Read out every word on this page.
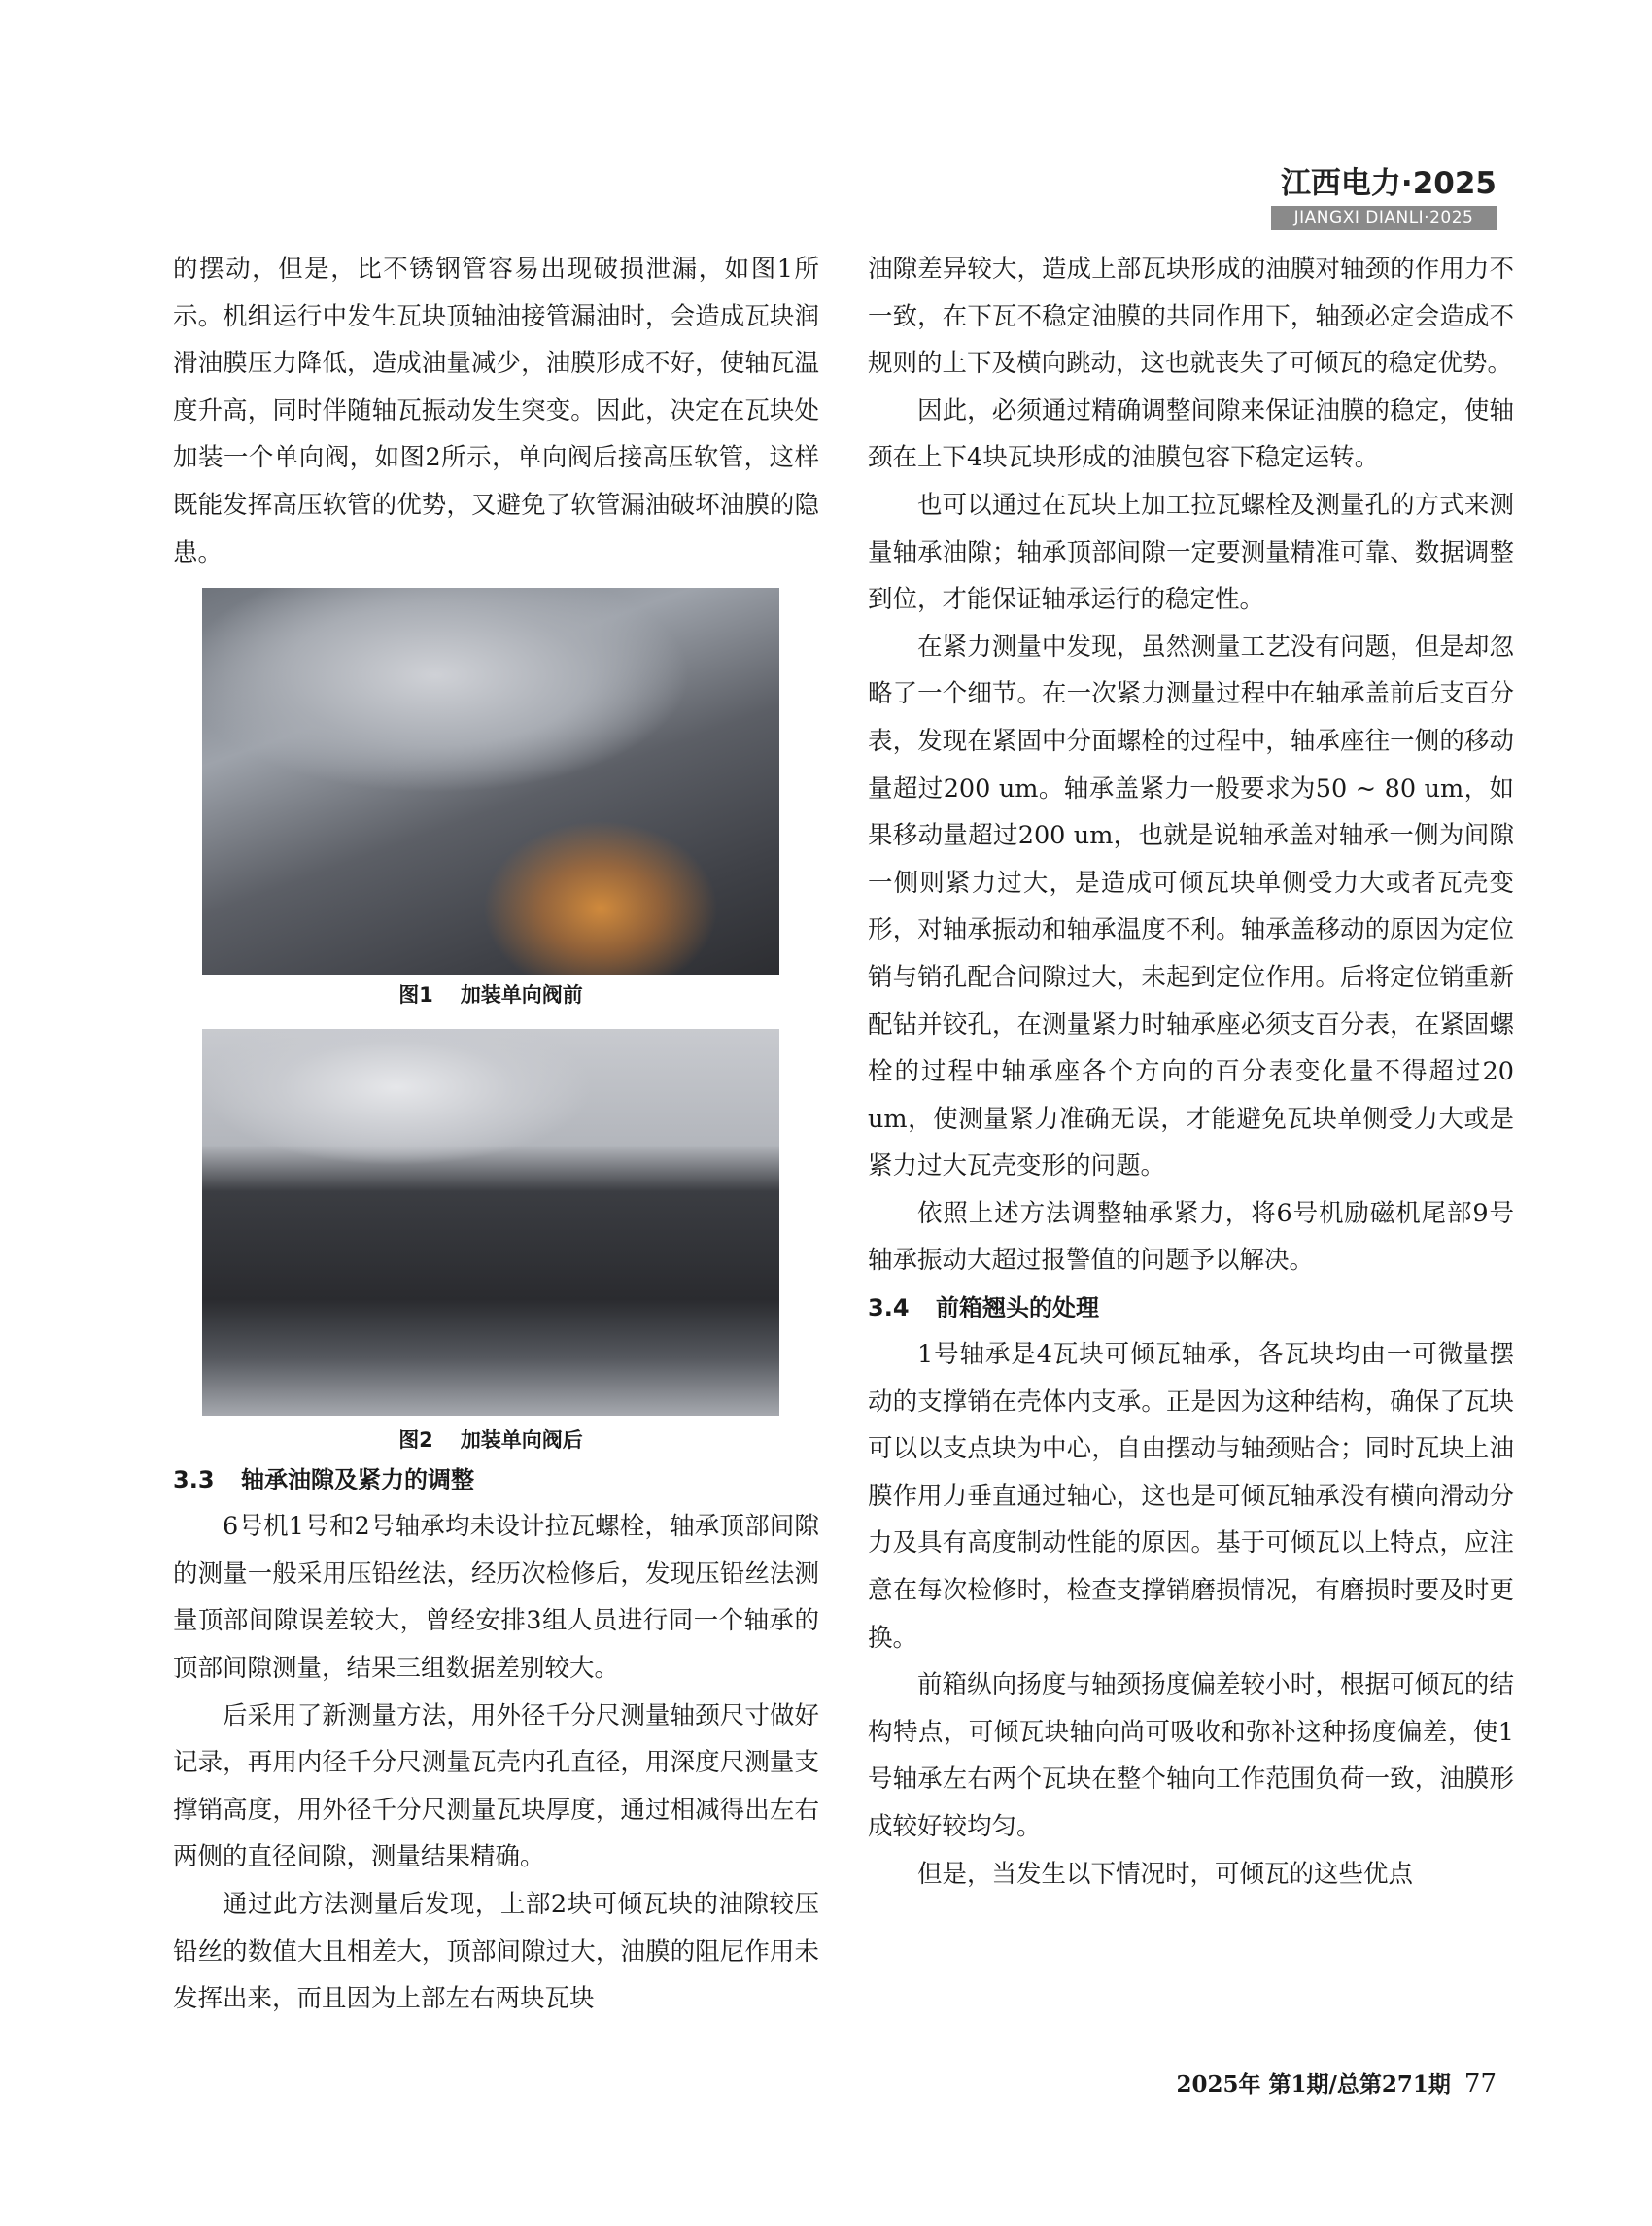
江西电力·2025
JIANGXI DIANLI·2025

的摆动，但是，比不锈钢管容易出现破损泄漏，如图1所示。机组运行中发生瓦块顶轴油接管漏油时，会造成瓦块润滑油膜压力降低，造成油量减少，油膜形成不好，使轴瓦温度升高，同时伴随轴瓦振动发生突变。因此，决定在瓦块处加装一个单向阀，如图2所示，单向阀后接高压软管，这样既能发挥高压软管的优势，又避免了软管漏油破坏油膜的隐患。

图1 加装单向阀前
图2 加装单向阀后
3.3 轴承油隙及紧力的调整

6号机1号和2号轴承均未设计拉瓦螺栓，轴承顶部间隙的测量一般采用压铅丝法，经历次检修后，发现压铅丝法测量顶部间隙误差较大，曾经安排3组人员进行同一个轴承的顶部间隙测量，结果三组数据差别较大。

后采用了新测量方法，用外径千分尺测量轴颈尺寸做好记录，再用内径千分尺测量瓦壳内孔直径，用深度尺测量支撑销高度，用外径千分尺测量瓦块厚度，通过相减得出左右两侧的直径间隙，测量结果精确。

通过此方法测量后发现，上部2块可倾瓦块的油隙较压铅丝的数值大且相差大，顶部间隙过大，油膜的阻尼作用未发挥出来，而且因为上部左右两块瓦块

油隙差异较大，造成上部瓦块形成的油膜对轴颈的作用力不一致，在下瓦不稳定油膜的共同作用下，轴颈必定会造成不规则的上下及横向跳动，这也就丧失了可倾瓦的稳定优势。

因此，必须通过精确调整间隙来保证油膜的稳定，使轴颈在上下4块瓦块形成的油膜包容下稳定运转。

也可以通过在瓦块上加工拉瓦螺栓及测量孔的方式来测量轴承油隙；轴承顶部间隙一定要测量精准可靠、数据调整到位，才能保证轴承运行的稳定性。

在紧力测量中发现，虽然测量工艺没有问题，但是却忽略了一个细节。在一次紧力测量过程中在轴承盖前后支百分表，发现在紧固中分面螺栓的过程中，轴承座往一侧的移动量超过200 um。轴承盖紧力一般要求为50 ~ 80 um，如果移动量超过200 um，也就是说轴承盖对轴承一侧为间隙一侧则紧力过大，是造成可倾瓦块单侧受力大或者瓦壳变形，对轴承振动和轴承温度不利。轴承盖移动的原因为定位销与销孔配合间隙过大，未起到定位作用。后将定位销重新配钻并铰孔，在测量紧力时轴承座必须支百分表，在紧固螺栓的过程中轴承座各个方向的百分表变化量不得超过20 um，使测量紧力准确无误，才能避免瓦块单侧受力大或是紧力过大瓦壳变形的问题。

依照上述方法调整轴承紧力，将6号机励磁机尾部9号轴承振动大超过报警值的问题予以解决。

3.4 前箱翘头的处理

1号轴承是4瓦块可倾瓦轴承，各瓦块均由一可微量摆动的支撑销在壳体内支承。正是因为这种结构，确保了瓦块可以以支点块为中心，自由摆动与轴颈贴合；同时瓦块上油膜作用力垂直通过轴心，这也是可倾瓦轴承没有横向滑动分力及具有高度制动性能的原因。基于可倾瓦以上特点，应注意在每次检修时，检查支撑销磨损情况，有磨损时要及时更换。

前箱纵向扬度与轴颈扬度偏差较小时，根据可倾瓦的结构特点，可倾瓦块轴向尚可吸收和弥补这种扬度偏差，使1号轴承左右两个瓦块在整个轴向工作范围负荷一致，油膜形成较好较均匀。

但是，当发生以下情况时，可倾瓦的这些优点

2025年 第1期/总第271期 77
